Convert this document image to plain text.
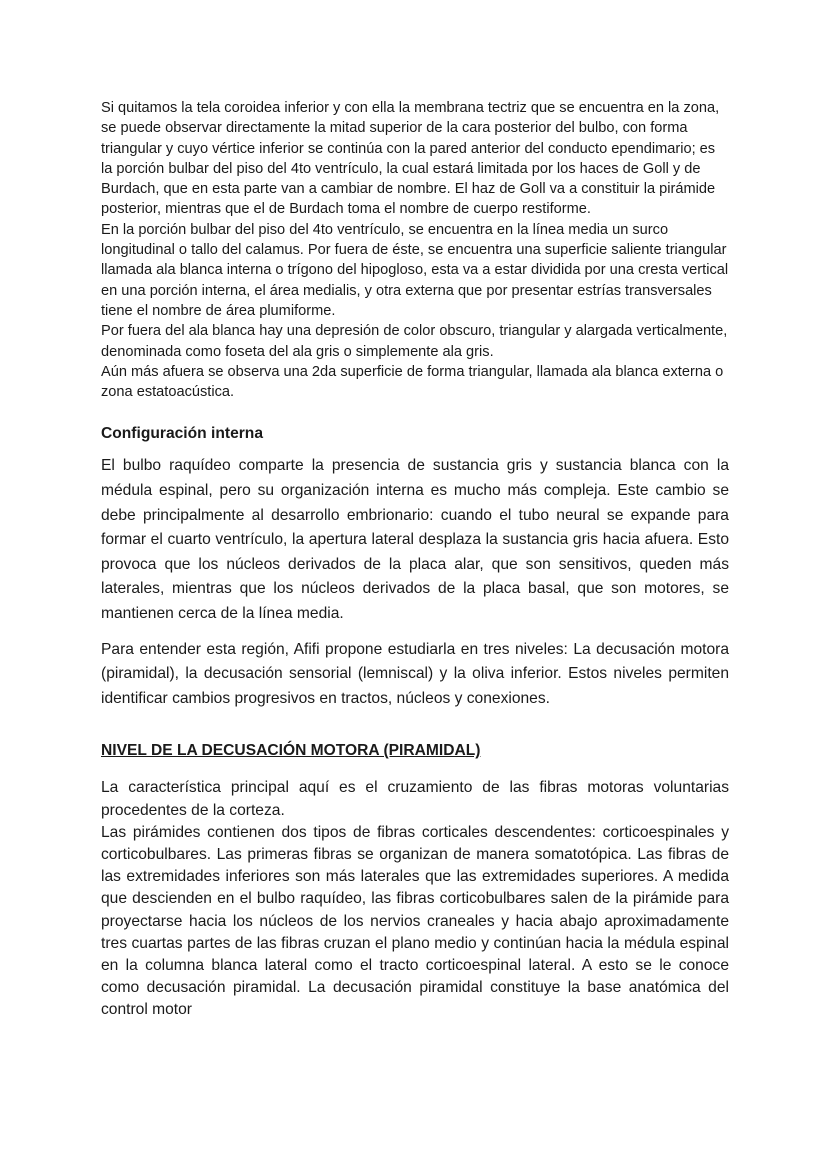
Si quitamos la tela coroidea inferior y con ella la membrana tectriz que se encuentra en la zona, se puede observar directamente la mitad superior de la cara posterior del bulbo, con forma triangular y cuyo vértice inferior se continúa con la pared anterior del conducto ependimario; es la porción bulbar del piso del 4to ventrículo, la cual estará limitada por los haces de Goll y de Burdach, que en esta parte van a cambiar de nombre. El haz de Goll va a constituir la pirámide posterior, mientras que el de Burdach toma el nombre de cuerpo restiforme.

En la porción bulbar del piso del 4to ventrículo, se encuentra en la línea media un surco longitudinal o tallo del calamus. Por fuera de éste, se encuentra una superficie saliente triangular llamada ala blanca interna o trígono del hipogloso, esta va a estar dividida por una cresta vertical en una porción interna, el área medialis, y otra externa que por presentar estrías transversales tiene el nombre de área plumiforme.

Por fuera del ala blanca hay una depresión de color obscuro, triangular y alargada verticalmente, denominada como foseta del ala gris o simplemente ala gris.

Aún más afuera se observa una 2da superficie de forma triangular, llamada ala blanca externa o zona estatoacústica.

Configuración interna

El bulbo raquídeo comparte la presencia de sustancia gris y sustancia blanca con la médula espinal, pero su organización interna es mucho más compleja. Este cambio se debe principalmente al desarrollo embrionario: cuando el tubo neural se expande para formar el cuarto ventrículo, la apertura lateral desplaza la sustancia gris hacia afuera. Esto provoca que los núcleos derivados de la placa alar, que son sensitivos, queden más laterales, mientras que los núcleos derivados de la placa basal, que son motores, se mantienen cerca de la línea media.

Para entender esta región, Afifi propone estudiarla en tres niveles: La decusación motora (piramidal), la decusación sensorial (lemniscal) y la oliva inferior. Estos niveles permiten identificar cambios progresivos en tractos, núcleos y conexiones.

NIVEL DE LA DECUSACIÓN MOTORA (PIRAMIDAL)

La característica principal aquí es el cruzamiento de las fibras motoras voluntarias procedentes de la corteza.

Las pirámides contienen dos tipos de fibras corticales descendentes: corticoespinales y corticobulbares. Las primeras fibras se organizan de manera somatotópica. Las fibras de las extremidades inferiores son más laterales que las extremidades superiores. A medida que descienden en el bulbo raquídeo, las fibras corticobulbares salen de la pirámide para proyectarse hacia los núcleos de los nervios craneales y hacia abajo aproximadamente tres cuartas partes de las fibras cruzan el plano medio y continúan hacia la médula espinal en la columna blanca lateral como el tracto corticoespinal lateral. A esto se le conoce como decusación piramidal. La decusación piramidal constituye la base anatómica del control motor
